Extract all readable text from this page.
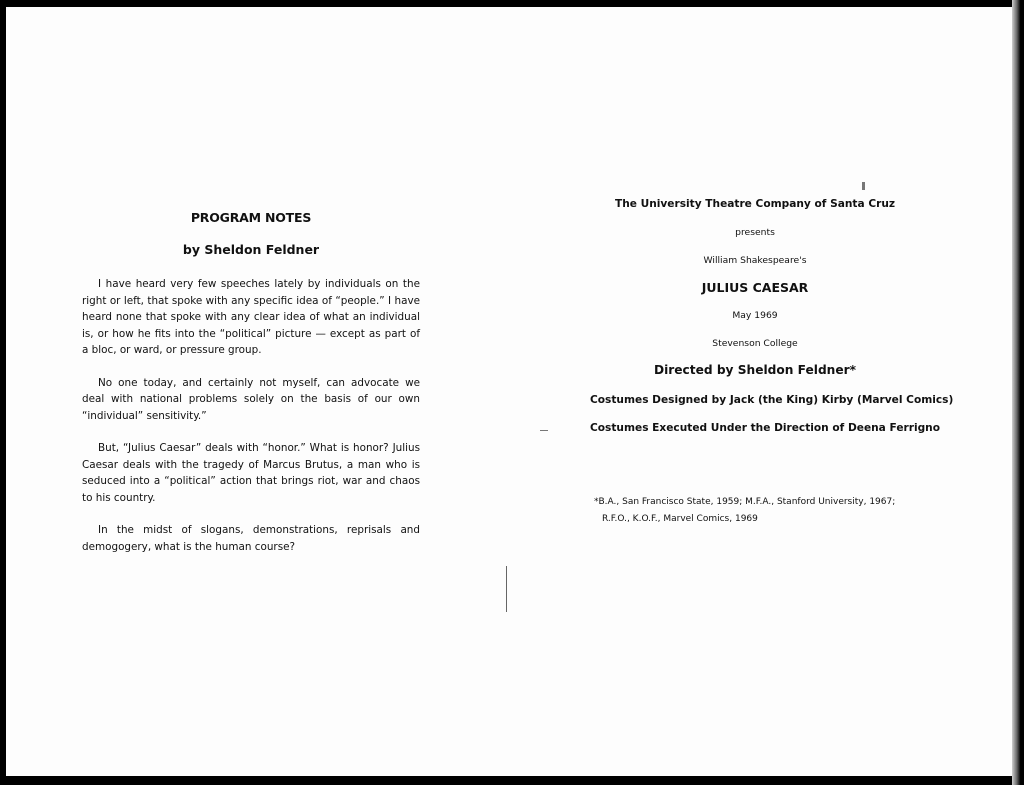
PROGRAM NOTES

by Sheldon Feldner

I have heard very few speeches lately by individuals on the right or left, that spoke with any specific idea of “people.” I have heard none that spoke with any clear idea of what an individual is, or how he fits into the “political” picture — except as part of a bloc, or ward, or pressure group.

No one today, and certainly not myself, can advocate we deal with national problems solely on the basis of our own “individual” sensitivity.”

But, “Julius Caesar” deals with “honor.” What is honor? Julius Caesar deals with the tragedy of Marcus Brutus, a man who is seduced into a “political” action that brings riot, war and chaos to his country.

In the midst of slogans, demonstrations, reprisals and demogogery, what is the human course?

The University Theatre Company of Santa Cruz

presents

William Shakespeare's

JULIUS CAESAR

May 1969

Stevenson College

Directed by Sheldon Feldner*

Costumes Designed by Jack (the King) Kirby (Marvel Comics)

Costumes Executed Under the Direction of Deena Ferrigno

*B.A., San Francisco State, 1959; M.F.A., Stanford University, 1967;

R.F.O., K.O.F., Marvel Comics, 1969
